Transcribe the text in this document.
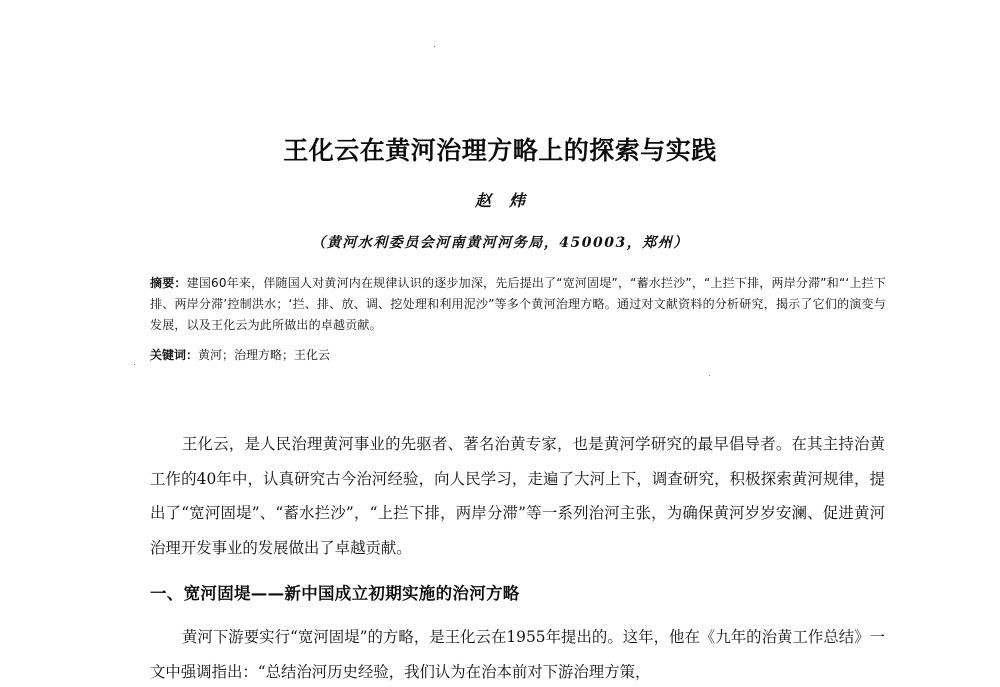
王化云在黄河治理方略上的探索与实践
赵炜
（黄河水利委员会河南黄河河务局，450003，郑州）
摘要：建国60年来，伴随国人对黄河内在规律认识的逐步加深，先后提出了“宽河固堤”，“蓄水拦沙”，“上拦下排，两岸分滞”和“‘上拦下排、两岸分滞’控制洪水；‘拦、排、放、调、挖处理和利用泥沙”等多个黄河治理方略。通过对文献资料的分析研究，揭示了它们的演变与发展，以及王化云为此所做出的卓越贡献。
关键词：黄河；治理方略；王化云
王化云，是人民治理黄河事业的先驱者、著名治黄专家，也是黄河学研究的最早倡导者。在其主持治黄工作的40年中，认真研究古今治河经验，向人民学习，走遍了大河上下，调查研究，积极探索黄河规律，提出了“宽河固堤”、“蓄水拦沙”，“上拦下排，两岸分滞”等一系列治河主张，为确保黄河岁岁安澜、促进黄河治理开发事业的发展做出了卓越贡献。
一、宽河固堤——新中国成立初期实施的治河方略
黄河下游要实行“宽河固堤”的方略，是王化云在1955年提出的。这年，他在《九年的治黄工作总结》一文中强调指出：“总结治河历史经验，我们认为在治本前对下游治理方策，
